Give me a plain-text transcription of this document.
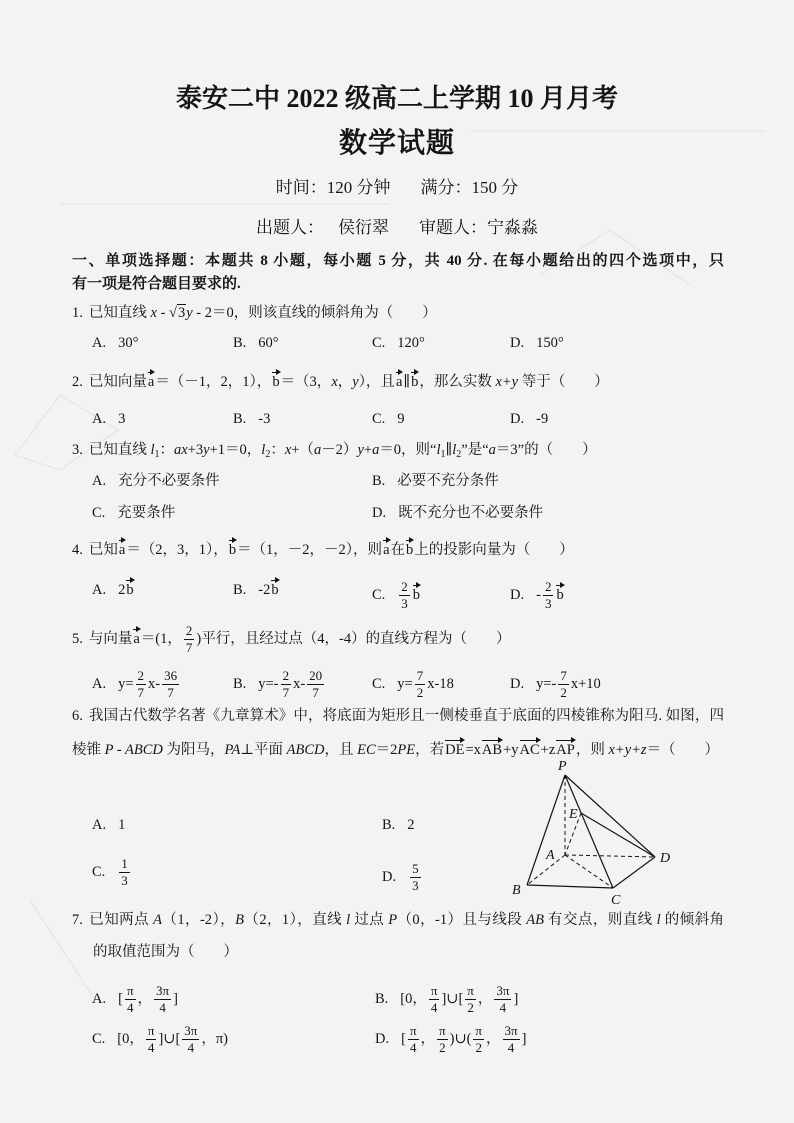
泰安二中 2022 级高二上学期 10 月月考
数学试题
时间：120 分钟 满分：150 分
出题人： 侯衍翠 审题人：宁淼淼
一、单项选择题：本题共 8 小题，每小题 5 分，共 40 分. 在每小题给出的四个选项中，只
有一项是符合题目要求的.
1. 已知直线 x - √3y - 2＝0，则该直线的倾斜角为（　　）
A. 30°	B. 60°	C. 120°	D. 150°
2. 已知向量a＝（－1，2，1），b＝（3，x，y），且a∥b，那么实数 x+y 等于（　　）
A. 3	B. -3	C. 9	D. -9
3. 已知直线 $l_1$：ax+3y+1＝0，$l_2$：x+（a－2）y+a＝0，则“$l_1\parallel l_2$”是“a＝3”的（　　）
A. 充分不必要条件	B. 必要不充分条件
C. 充要条件	D. 既不充分也不必要条件
4. 已知a＝（2，3，1），b＝（1，－2，－2），则a在b上的投影向量为（　　）
A. 2b	B. -2b	C. $\frac{2}{3}$ b	D. - $\frac{2}{3}$ b
5. 与向量a＝(1， $\frac{2}{7}$ )平行，且经过点（4，-4）的直线方程为（　　）
A. $y= \frac{2}{7} x- \frac{36}{7}$	B. $y=- \frac{2}{7} x- \frac{20}{7}$	C. $y= \frac{7}{2} x-18$	D. $y=- \frac{7}{2} x+10$
6. 我国古代数学名著《九章算术》中，将底面为矩形且一侧棱垂直于底面的四棱锥称为阳马. 如图，四
棱锥 P - ABCD 为阳马，PA⊥平面 ABCD，且 EC＝2PE，若DE=xAB+yAC+zAP，则 x+y+z＝（　　）
A. 1	B. 2
C. $\frac{1}{3}$	D. $\frac{5}{3}$
P
E
A
B
C
D
7. 已知两点 A（1，-2），B（2，1），直线 l 过点 P（0，-1）且与线段 AB 有交点，则直线 l 的倾斜角
的取值范围为（　　）
A. [ $\frac{\pi}{4}$ ， $\frac{3\pi}{4}$ ]	B. [0， $\frac{\pi}{4}$ ]∪[ $\frac{\pi}{2}$ ， $\frac{3\pi}{4}$ ]
C. [0， $\frac{\pi}{4}$ ]∪[ $\frac{3\pi}{4}$ ，π)	D. [ $\frac{\pi}{4}$ ， $\frac{\pi}{2}$ )∪( $\frac{\pi}{2}$ ， $\frac{3\pi}{4}$ ]
